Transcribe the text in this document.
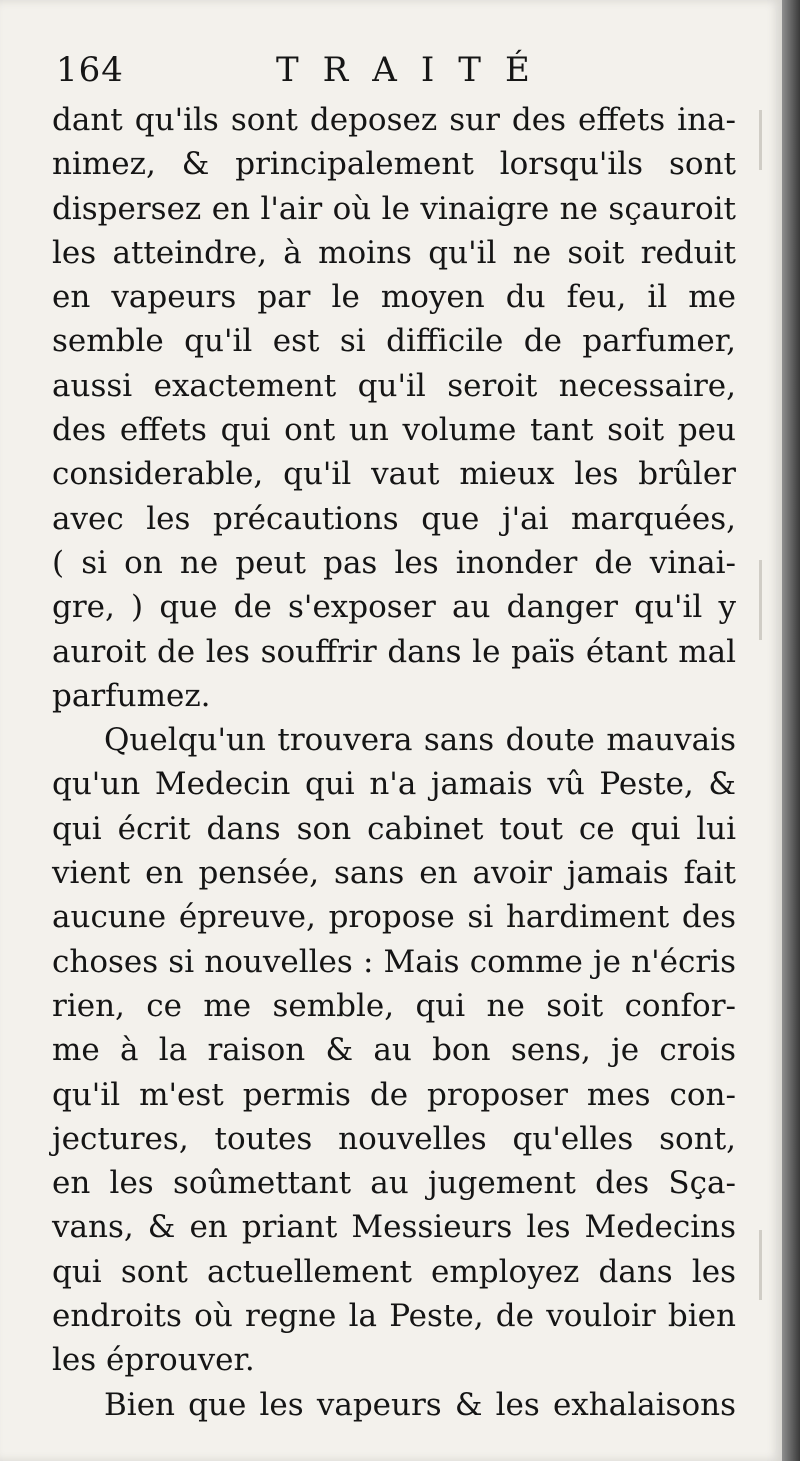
164	TRAITÉ
dant qu'ils sont deposez sur des effets ina-
nimez, & principalement lorsqu'ils sont
dispersez en l'air où le vinaigre ne sçauroit
les atteindre, à moins qu'il ne soit reduit
en vapeurs par le moyen du feu, il me
semble qu'il est si difficile de parfumer,
aussi exactement qu'il seroit necessaire,
des effets qui ont un volume tant soit peu
considerable, qu'il vaut mieux les brûler
avec les précautions que j'ai marquées,
( si on ne peut pas les inonder de vinai-
gre, ) que de s'exposer au danger qu'il y
auroit de les souffrir dans le païs étant mal
parfumez.
Quelqu'un trouvera sans doute mauvais
qu'un Medecin qui n'a jamais vû Peste, &
qui écrit dans son cabinet tout ce qui lui
vient en pensée, sans en avoir jamais fait
aucune épreuve, propose si hardiment des
choses si nouvelles : Mais comme je n'écris
rien, ce me semble, qui ne soit confor-
me à la raison & au bon sens, je crois
qu'il m'est permis de proposer mes con-
jectures, toutes nouvelles qu'elles sont,
en les soûmettant au jugement des Sça-
vans, & en priant Messieurs les Medecins
qui sont actuellement employez dans les
endroits où regne la Peste, de vouloir bien
les éprouver.
Bien que les vapeurs & les exhalaisons
